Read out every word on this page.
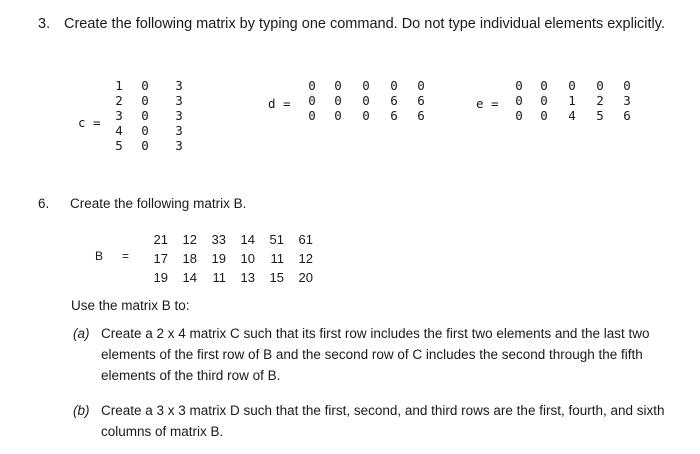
3. Create the following matrix by typing one command. Do not type individual elements explicitly.
c =
1	0	3
2	0	3
3	0	3
4	0	3
5	0	3
d =
0	0	0	0	0
0	0	0	6	6
0	0	0	6	6
e =
0	0	0	0	0
0	0	1	2	3
0	0	4	5	6
6. Create the following matrix B.
B =
21	12	33	14	51	61
17	18	19	10	11	12
19	14	11	13	15	20
Use the matrix B to:
(a) Create a 2 x 4 matrix C such that its first row includes the first two elements and the last two
elements of the first row of B and the second row of C includes the second through the fifth
elements of the third row of B.
(b) Create a 3 x 3 matrix D such that the first, second, and third rows are the first, fourth, and sixth
columns of matrix B.
